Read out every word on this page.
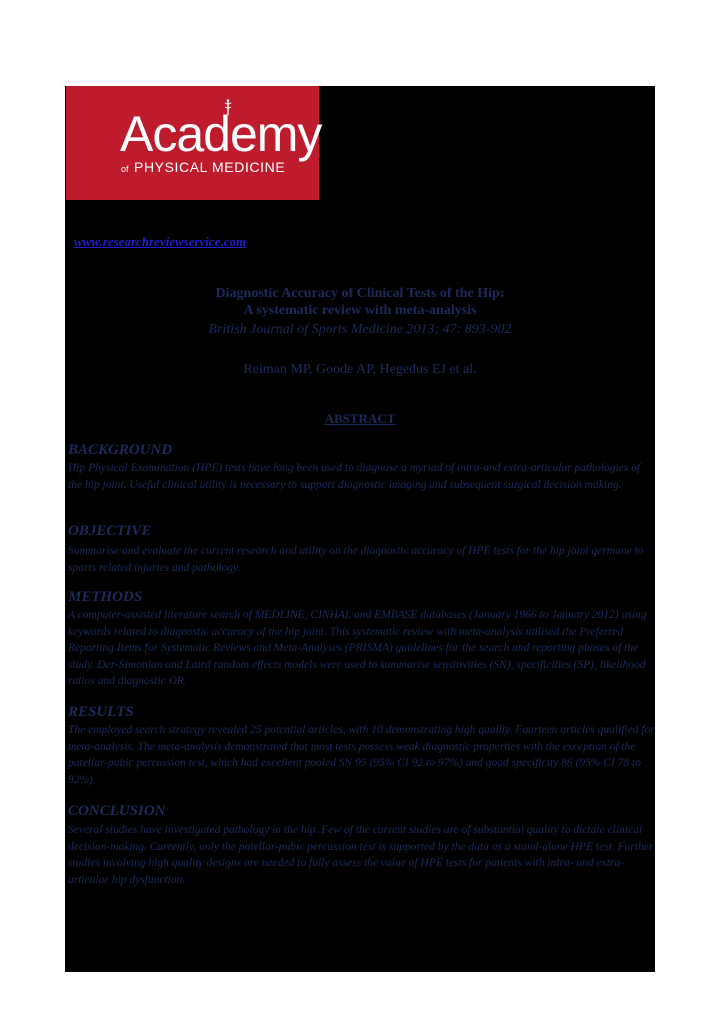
Academy
of PHYSICAL MEDICINE
www.researchreviewservice.com
Diagnostic Accuracy of Clinical Tests of the Hip:
A systematic review with meta-analysis
British Journal of Sports Medicine 2013; 47: 893-902
Reiman MP, Goode AP, Hegedus EJ et al.
ABSTRACT
BACKGROUND

Hip Physical Examination (HPE) tests have long been used to diagnose a myriad of intra-and extra-articular pathologies of the hip joint. Useful clinical utility is necessary to support diagnostic imaging and subsequent surgical decision making.

OBJECTIVE

Summarise and evaluate the current research and utility on the diagnostic accuracy of HPE tests for the hip joint germane to sports related injuries and pathology.

METHODS

A computer-assisted literature search of MEDLINE, CINHAL and EMBASE databases (January 1966 to January 2012) using keywords related to diagnostic accuracy of the hip joint. This systematic review with meta-analysis utilised the Preferred Reporting Items for Systematic Reviews and Meta-Analyses (PRISMA) guidelines for the search and reporting phases of the study. Der-Simonian and Laird random effects models were used to summarise sensitivities (SN), specificities (SP), likelihood ratios and diagnostic OR.

RESULTS

The employed search strategy revealed 25 potential articles, with 10 demonstrating high quality. Fourteen articles qualified for meta-analysis. The meta-analysis demonstrated that most tests possess weak diagnostic properties with the exception of the patellar-pubic percussion test, which had excellent pooled SN 95 (95% CI 92 to 97%) and good specificity 86 (95% CI 78 to 92%).

CONCLUSION

Several studies have investigated pathology in the hip. Few of the current studies are of substantial quality to dictate clinical decision-making. Currently, only the patellar-pubic percussion test is supported by the data as a stand-alone HPE test. Further studies involving high quality designs are needed to fully assess the value of HPE tests for patients with intra- and extra-articular hip dysfunction.
